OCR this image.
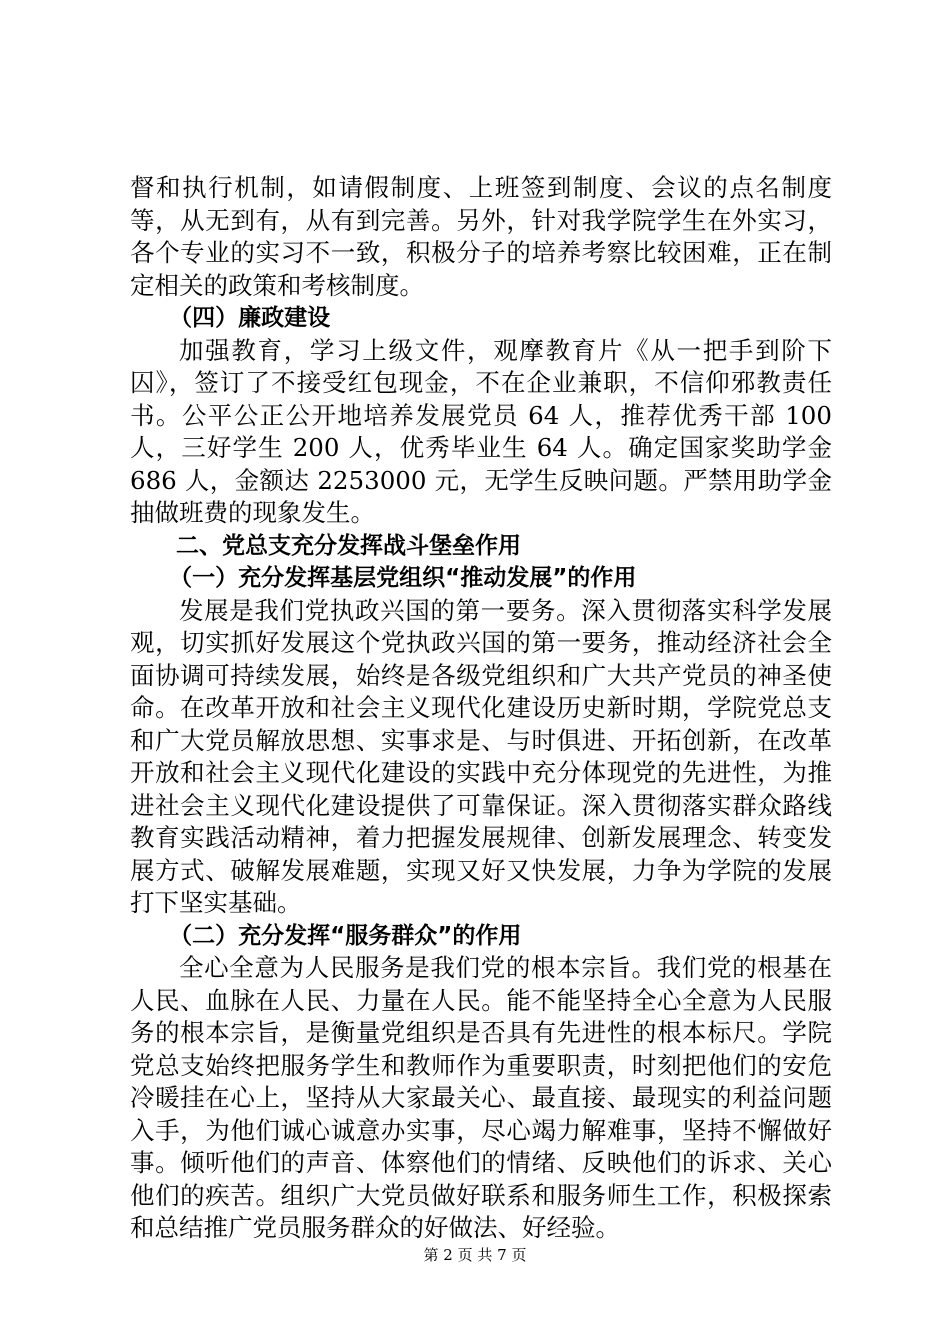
督和执行机制，如请假制度、上班签到制度、会议的点名制度等，从无到有，从有到完善。另外，针对我学院学生在外实习，各个专业的实习不一致，积极分子的培养考察比较困难，正在制定相关的政策和考核制度。

（四）廉政建设

加强教育，学习上级文件，观摩教育片《从一把手到阶下囚》，签订了不接受红包现金，不在企业兼职，不信仰邪教责任书。公平公正公开地培养发展党员 64 人，推荐优秀干部 100 人，三好学生 200 人，优秀毕业生 64 人。确定国家奖助学金 686 人，金额达 2253000 元，无学生反映问题。严禁用助学金抽做班费的现象发生。

二、党总支充分发挥战斗堡垒作用

（一）充分发挥基层党组织“推动发展”的作用

发展是我们党执政兴国的第一要务。深入贯彻落实科学发展观，切实抓好发展这个党执政兴国的第一要务，推动经济社会全面协调可持续发展，始终是各级党组织和广大共产党员的神圣使命。在改革开放和社会主义现代化建设历史新时期，学院党总支和广大党员解放思想、实事求是、与时俱进、开拓创新，在改革开放和社会主义现代化建设的实践中充分体现党的先进性，为推进社会主义现代化建设提供了可靠保证。深入贯彻落实群众路线教育实践活动精神，着力把握发展规律、创新发展理念、转变发展方式、破解发展难题，实现又好又快发展，力争为学院的发展打下坚实基础。

（二）充分发挥“服务群众”的作用

全心全意为人民服务是我们党的根本宗旨。我们党的根基在人民、血脉在人民、力量在人民。能不能坚持全心全意为人民服务的根本宗旨，是衡量党组织是否具有先进性的根本标尺。学院党总支始终把服务学生和教师作为重要职责，时刻把他们的安危冷暖挂在心上，坚持从大家最关心、最直接、最现实的利益问题入手，为他们诚心诚意办实事，尽心竭力解难事，坚持不懈做好事。倾听他们的声音、体察他们的情绪、反映他们的诉求、关心他们的疾苦。组织广大党员做好联系和服务师生工作，积极探索和总结推广党员服务群众的好做法、好经验。

第 2 页 共 7 页
